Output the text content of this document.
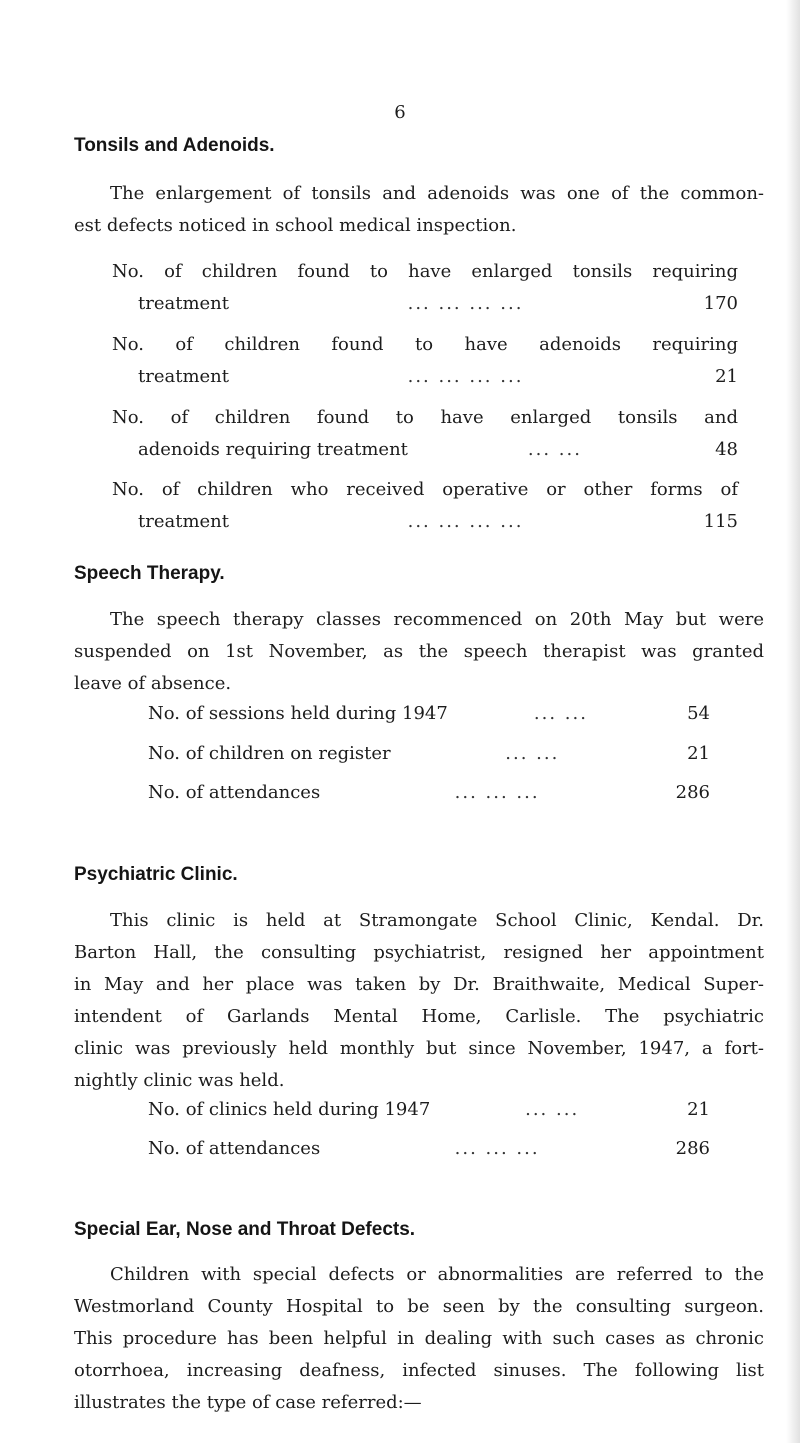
6
Tonsils and Adenoids.
The enlargement of tonsils and adenoids was one of the common-
est defects noticed in school medical inspection.
No. of children found to have enlarged tonsils requiring
treatment	... ... ... ...	170
No. of children found to have adenoids requiring
treatment	... ... ... ...	21
No. of children found to have enlarged tonsils and
adenoids requiring treatment	... ...	48
No. of children who received operative or other forms of
treatment	... ... ... ...	115
Speech Therapy.
The speech therapy classes recommenced on 20th May but were
suspended on 1st November, as the speech therapist was granted
leave of absence.
No. of sessions held during 1947	... ...	54
No. of children on register	... ...	21
No. of attendances	... ... ...	286
Psychiatric Clinic.
This clinic is held at Stramongate School Clinic, Kendal. Dr.
Barton Hall, the consulting psychiatrist, resigned her appointment
in May and her place was taken by Dr. Braithwaite, Medical Super-
intendent of Garlands Mental Home, Carlisle. The psychiatric
clinic was previously held monthly but since November, 1947, a fort-
nightly clinic was held.
No. of clinics held during 1947	... ...	21
No. of attendances	... ... ...	286
Special Ear, Nose and Throat Defects.
Children with special defects or abnormalities are referred to the
Westmorland County Hospital to be seen by the consulting surgeon.
This procedure has been helpful in dealing with such cases as chronic
otorrhoea, increasing deafness, infected sinuses. The following list
illustrates the type of case referred:—
